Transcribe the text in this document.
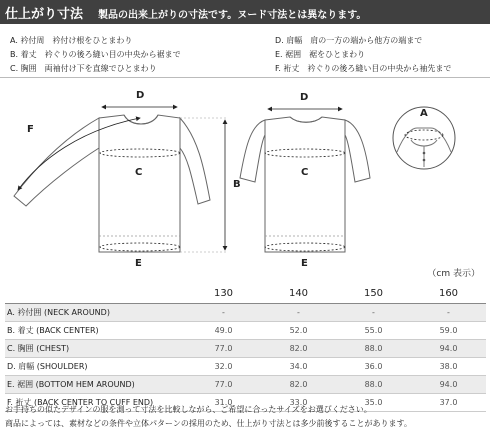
仕上がり寸法 製品の出来上がりの寸法です。ヌード寸法とは異なります。
A. 衿付周　衿付け根をひとまわり
B. 着丈　衿ぐりの後ろ縫い目の中央から裾まで
C. 胸囲　両袖付け下を直線でひとまわり
D. 肩幅　肩の一方の端から他方の端まで
E. 裾囲　裾をひとまわり
F. 裄丈　衿ぐりの後ろ縫い目の中央から袖先まで
D	D
F
C	C
B
E	E
A
（cm 表示）
	130	140	150	160
A. 衿付囲 (NECK AROUND)	-	-	-	-
B. 着丈 (BACK CENTER)	49.0	52.0	55.0	59.0
C. 胸囲 (CHEST)	77.0	82.0	88.0	94.0
D. 肩幅 (SHOULDER)	32.0	34.0	36.0	38.0
E. 裾囲 (BOTTOM HEM AROUND)	77.0	82.0	88.0	94.0
F. 裄丈 (BACK CENTER TO CUFF END)	31.0	33.0	35.0	37.0
お手持ちの似たデザインの服を測って寸法を比較しながら、ご希望に合ったサイズをお選びください。
商品によっては、素材などの条件や立体パターンの採用のため、仕上がり寸法とは多少前後することがあります。
